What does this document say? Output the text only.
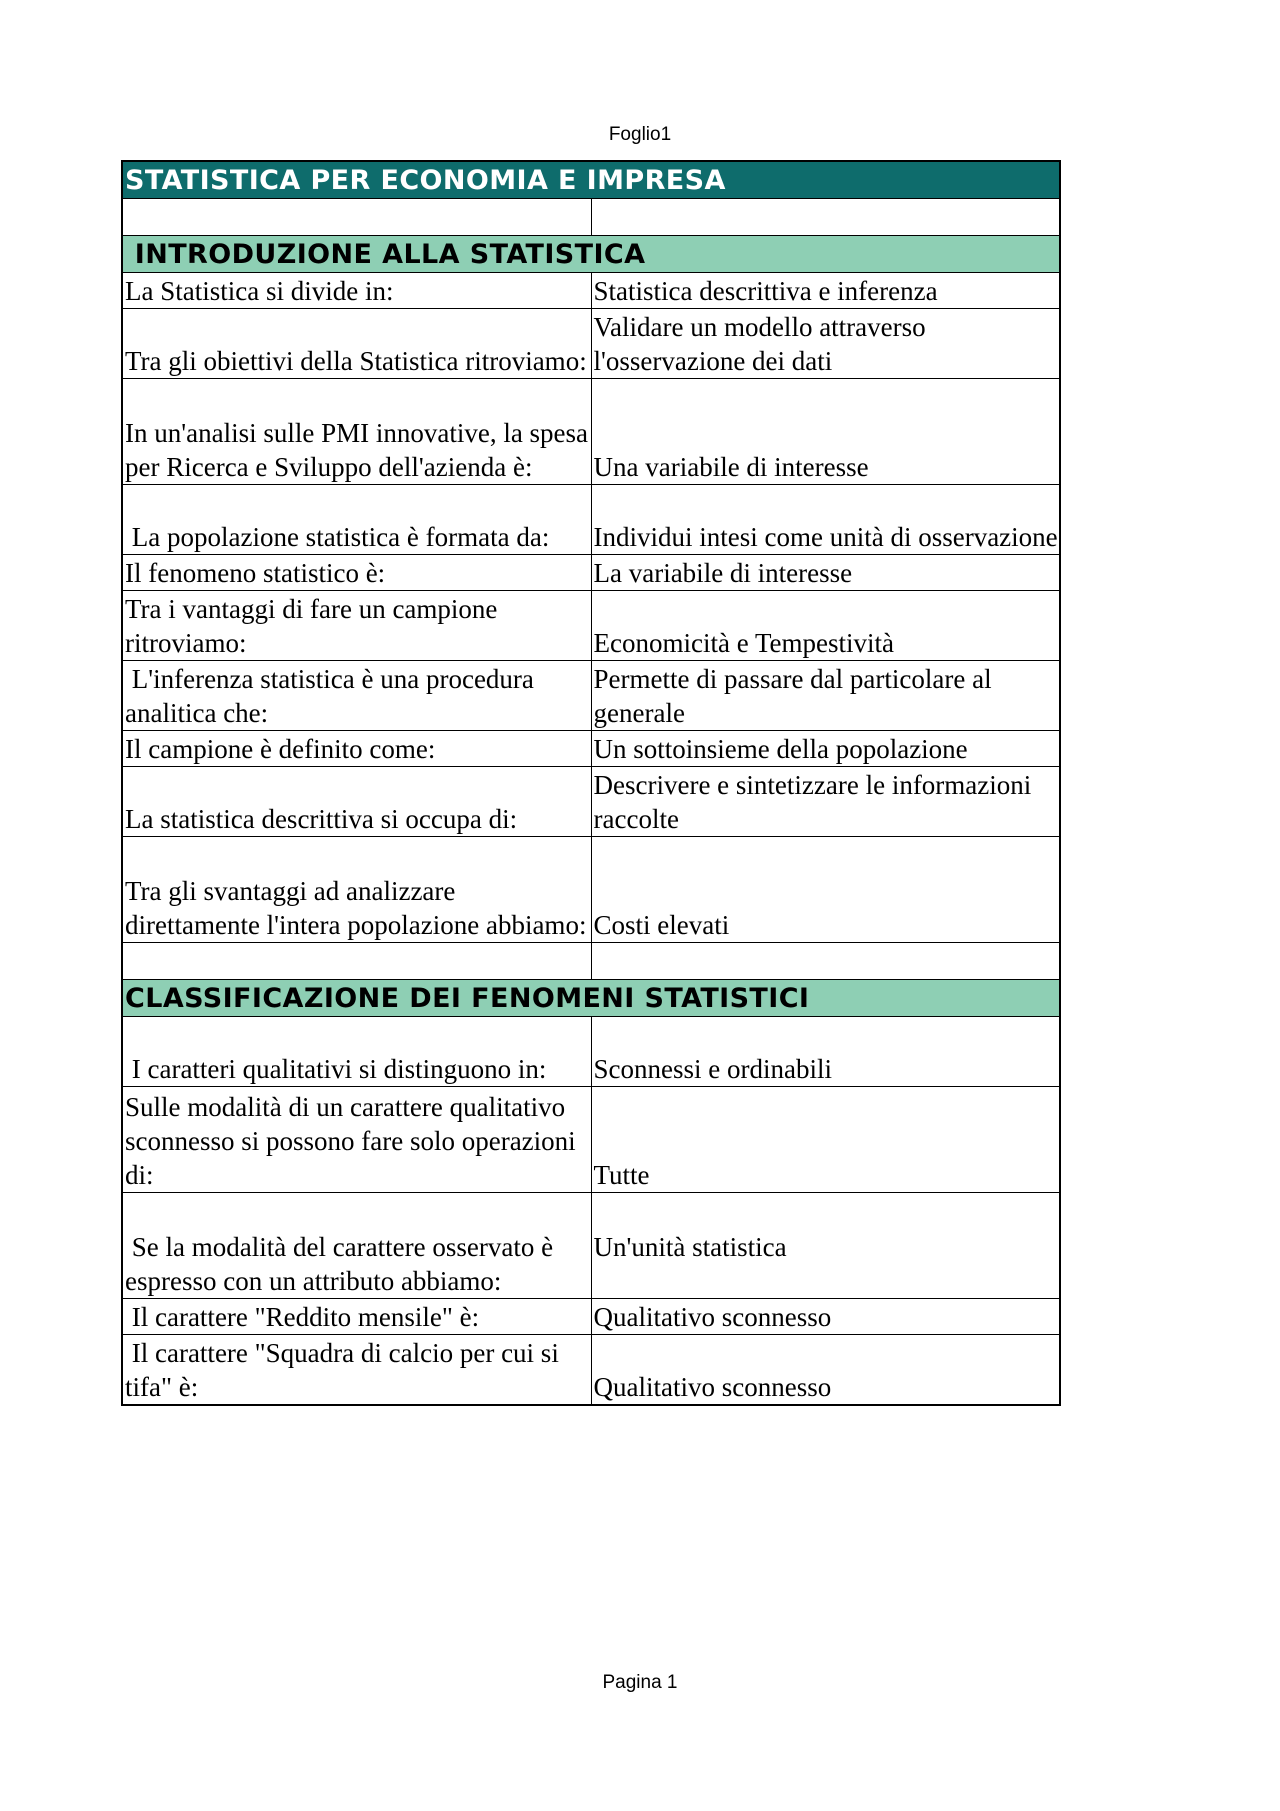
Foglio1
STATISTICA PER ECONOMIA E IMPRESA	

INTRODUZIONE ALLA STATISTICA	
La Statistica si divide in:	Statistica descrittiva e inferenza
Tra gli obiettivi della Statistica ritroviamo:	Validare un modello attraverso l'osservazione dei dati
In un'analisi sulle PMI innovative, la spesa per Ricerca e Sviluppo dell'azienda è:	Una variabile di interesse
La popolazione statistica è formata da:	Individui intesi come unità di osservazione
Il fenomeno statistico è:	La variabile di interesse
Tra i vantaggi di fare un campione ritroviamo:	Economicità e Tempestività
L'inferenza statistica è una procedura analitica che:	Permette di passare dal particolare al generale
Il campione è definito come:	Un sottoinsieme della popolazione
La statistica descrittiva si occupa di:	Descrivere e sintetizzare le informazioni raccolte
Tra gli svantaggi ad analizzare direttamente l'intera popolazione abbiamo:	Costi elevati

CLASSIFICAZIONE DEI FENOMENI STATISTICI	
I caratteri qualitativi si distinguono in:	Sconnessi e ordinabili
Sulle modalità di un carattere qualitativo sconnesso si possono fare solo operazioni di:	Tutte
Se la modalità del carattere osservato è espresso con un attributo abbiamo:	Un'unità statistica
Il carattere "Reddito mensile" è:	Qualitativo sconnesso
Il carattere "Squadra di calcio per cui si tifa" è:	Qualitativo sconnesso
Pagina 1
